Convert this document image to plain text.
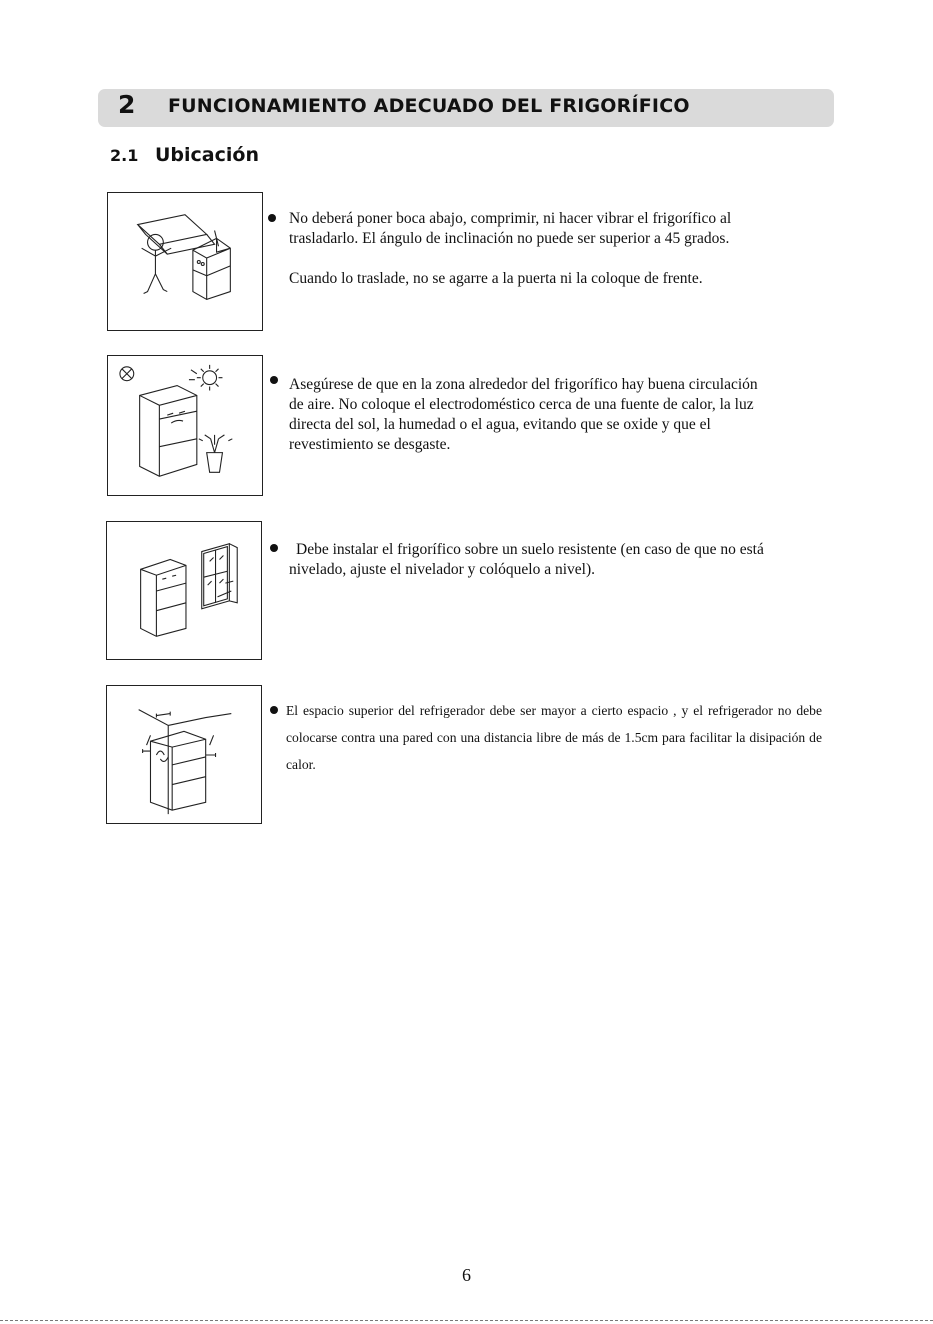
2 FUNCIONAMIENTO ADECUADO DEL FRIGORÍFICO
2.1 Ubicación

No deberá poner boca abajo, comprimir, ni hacer vibrar el frigorífico al trasladarlo. El ángulo de inclinación no puede ser superior a 45 grados.

Cuando lo traslade, no se agarre a la puerta ni la coloque de frente.

Asegúrese de que en la zona alrededor del frigorífico hay buena circulación de aire. No coloque el electrodoméstico cerca de una fuente de calor, la luz directa del sol, la humedad o el agua, evitando que se oxide y que el revestimiento se desgaste.

Debe instalar el frigorífico sobre un suelo resistente (en caso de que no está nivelado, ajuste el nivelador y colóquelo a nivel).

El espacio superior del refrigerador debe ser mayor a cierto espacio , y el refrigerador no debe colocarse contra una pared con una distancia libre de más de 1.5cm para facilitar la disipación de calor.

6
